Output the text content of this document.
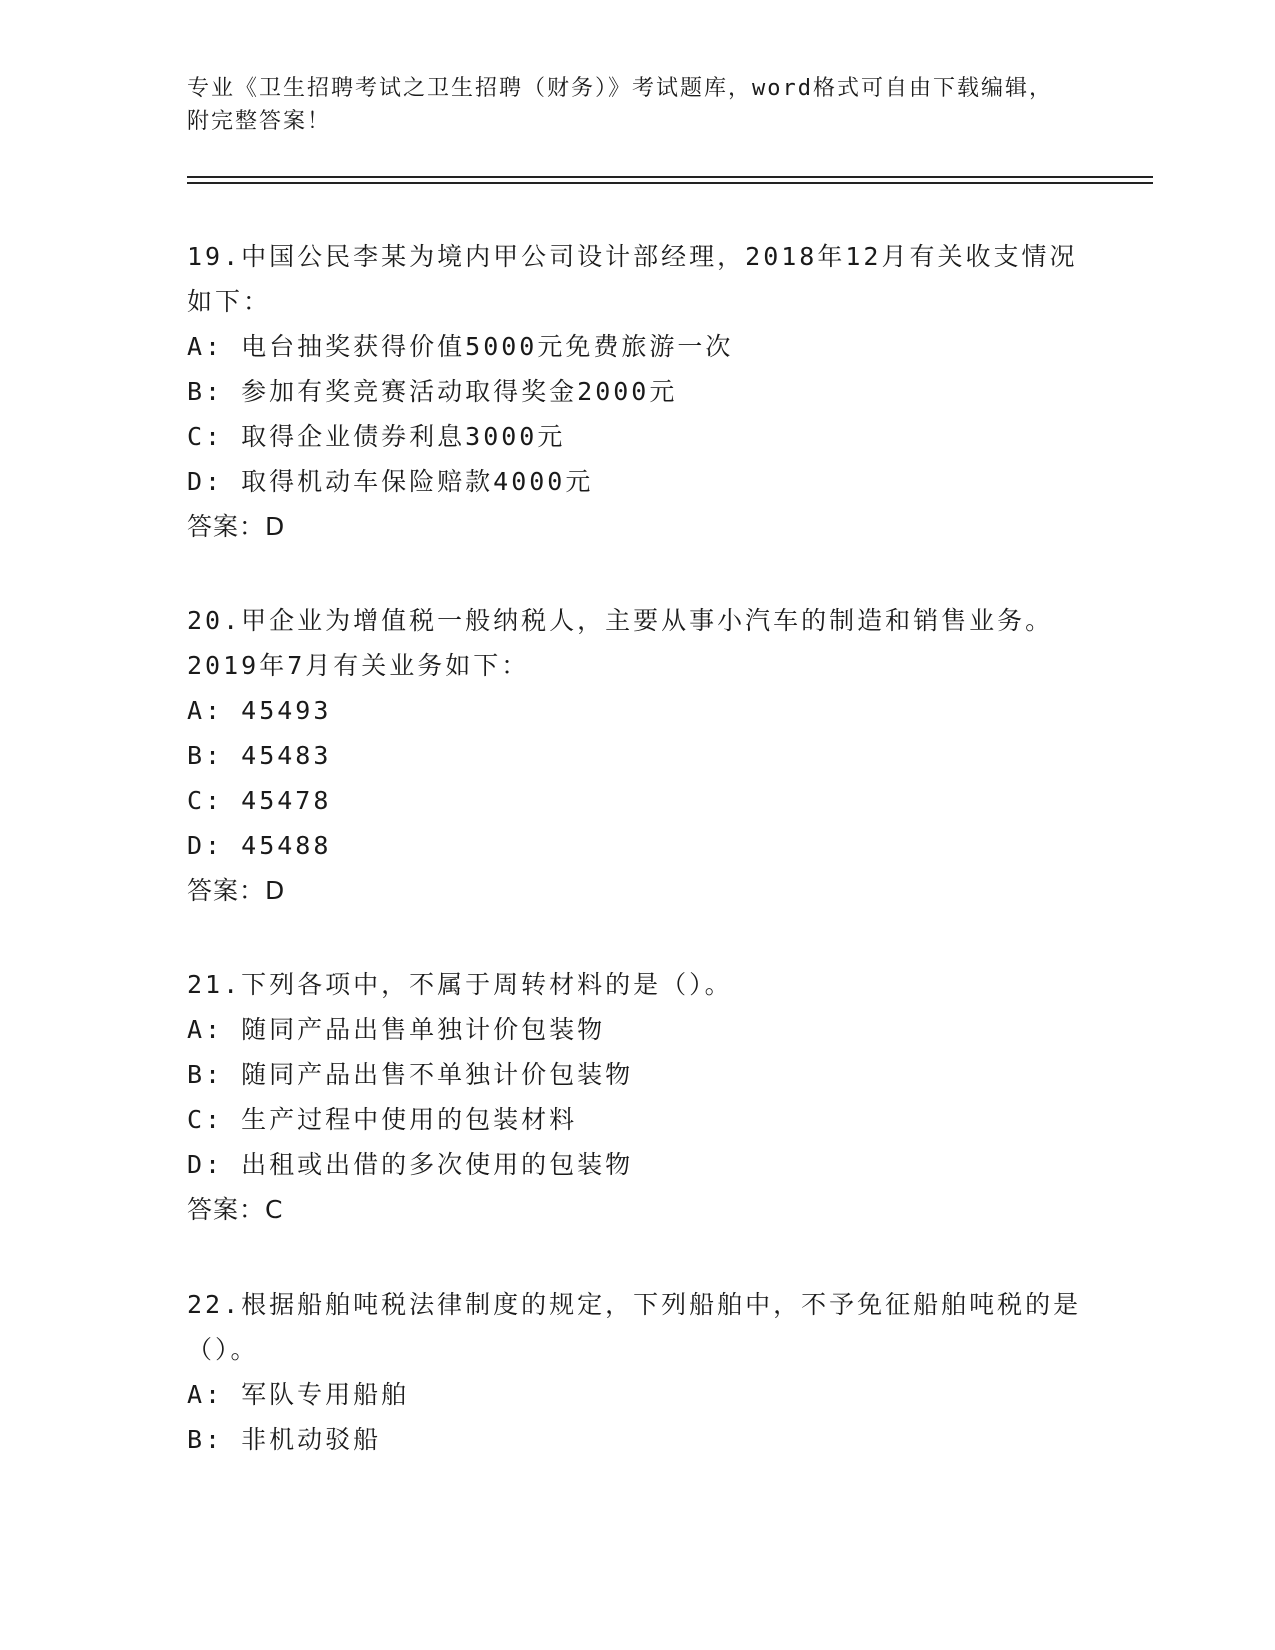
专业《卫生招聘考试之卫生招聘（财务）》考试题库，word格式可自由下载编辑，附完整答案！

19.中国公民李某为境内甲公司设计部经理，2018年12月有关收支情况如下：

A: 电台抽奖获得价值5000元免费旅游一次

B: 参加有奖竞赛活动取得奖金2000元

C: 取得企业债券利息3000元

D: 取得机动车保险赔款4000元

答案：D

20.甲企业为增值税一般纳税人，主要从事小汽车的制造和销售业务。2019年7月有关业务如下：

A: 45493

B: 45483

C: 45478

D: 45488

答案：D

21.下列各项中，不属于周转材料的是（）。

A: 随同产品出售单独计价包装物

B: 随同产品出售不单独计价包装物

C: 生产过程中使用的包装材料

D: 出租或出借的多次使用的包装物

答案：C

22.根据船舶吨税法律制度的规定，下列船舶中，不予免征船舶吨税的是（）。

A: 军队专用船舶

B: 非机动驳船
